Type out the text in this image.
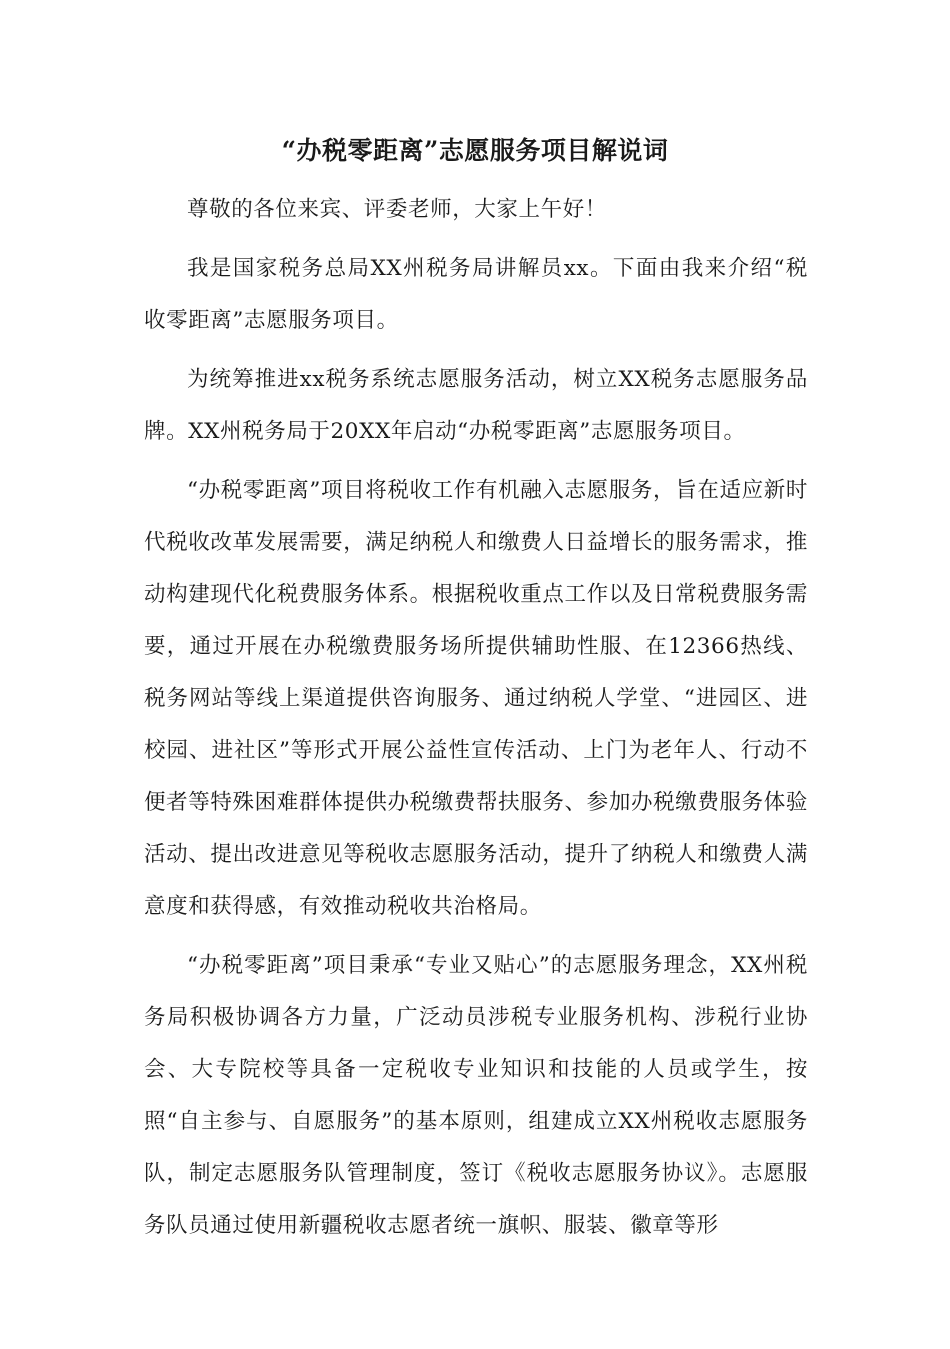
“办税零距离”志愿服务项目解说词

尊敬的各位来宾、评委老师，大家上午好！

我是国家税务总局XX州税务局讲解员xx。下面由我来介绍“税收零距离”志愿服务项目。

为统筹推进xx税务系统志愿服务活动，树立XX税务志愿服务品牌。XX州税务局于20XX年启动“办税零距离”志愿服务项目。

“办税零距离”项目将税收工作有机融入志愿服务，旨在适应新时代税收改革发展需要，满足纳税人和缴费人日益增长的服务需求，推动构建现代化税费服务体系。根据税收重点工作以及日常税费服务需要，通过开展在办税缴费服务场所提供辅助性服、在12366热线、税务网站等线上渠道提供咨询服务、通过纳税人学堂、“进园区、进校园、进社区”等形式开展公益性宣传活动、上门为老年人、行动不便者等特殊困难群体提供办税缴费帮扶服务、参加办税缴费服务体验活动、提出改进意见等税收志愿服务活动，提升了纳税人和缴费人满意度和获得感，有效推动税收共治格局。

“办税零距离”项目秉承“专业又贴心”的志愿服务理念，XX州税务局积极协调各方力量，广泛动员涉税专业服务机构、涉税行业协会、大专院校等具备一定税收专业知识和技能的人员或学生，按照“自主参与、自愿服务”的基本原则，组建成立XX州税收志愿服务队，制定志愿服务队管理制度，签订《税收志愿服务协议》。志愿服务队员通过使用新疆税收志愿者统一旗帜、服装、徽章等形
